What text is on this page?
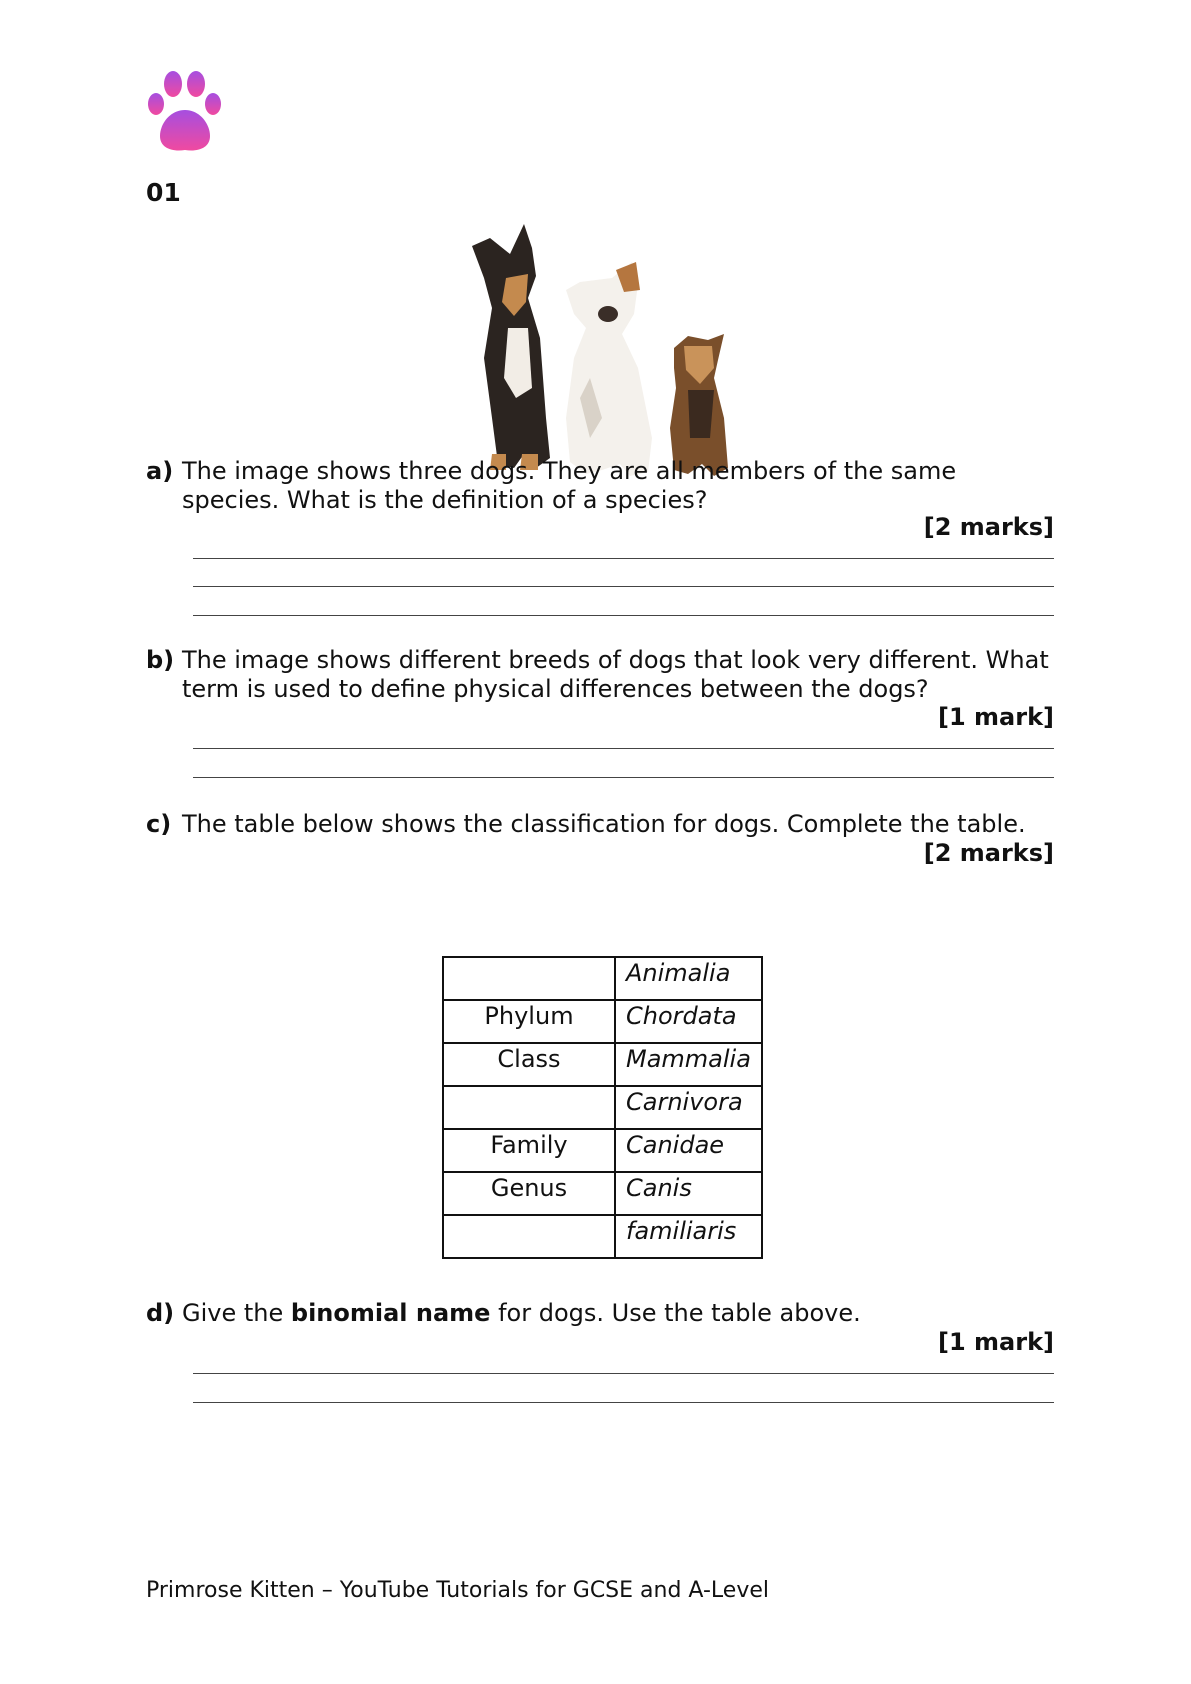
01
a) The image shows three dogs. They are all members of the same species. What is the definition of a species?
[2 marks]
b) The image shows different breeds of dogs that look very different. What term is used to define physical differences between the dogs?
[1 mark]
c) The table below shows the classification for dogs. Complete the table.
[2 marks]
	Animalia
Phylum	Chordata
Class	Mammalia
	Carnivora
Family	Canidae
Genus	Canis
	familiaris
d) Give the binomial name for dogs. Use the table above.
[1 mark]
Primrose Kitten – YouTube Tutorials for GCSE and A-Level
